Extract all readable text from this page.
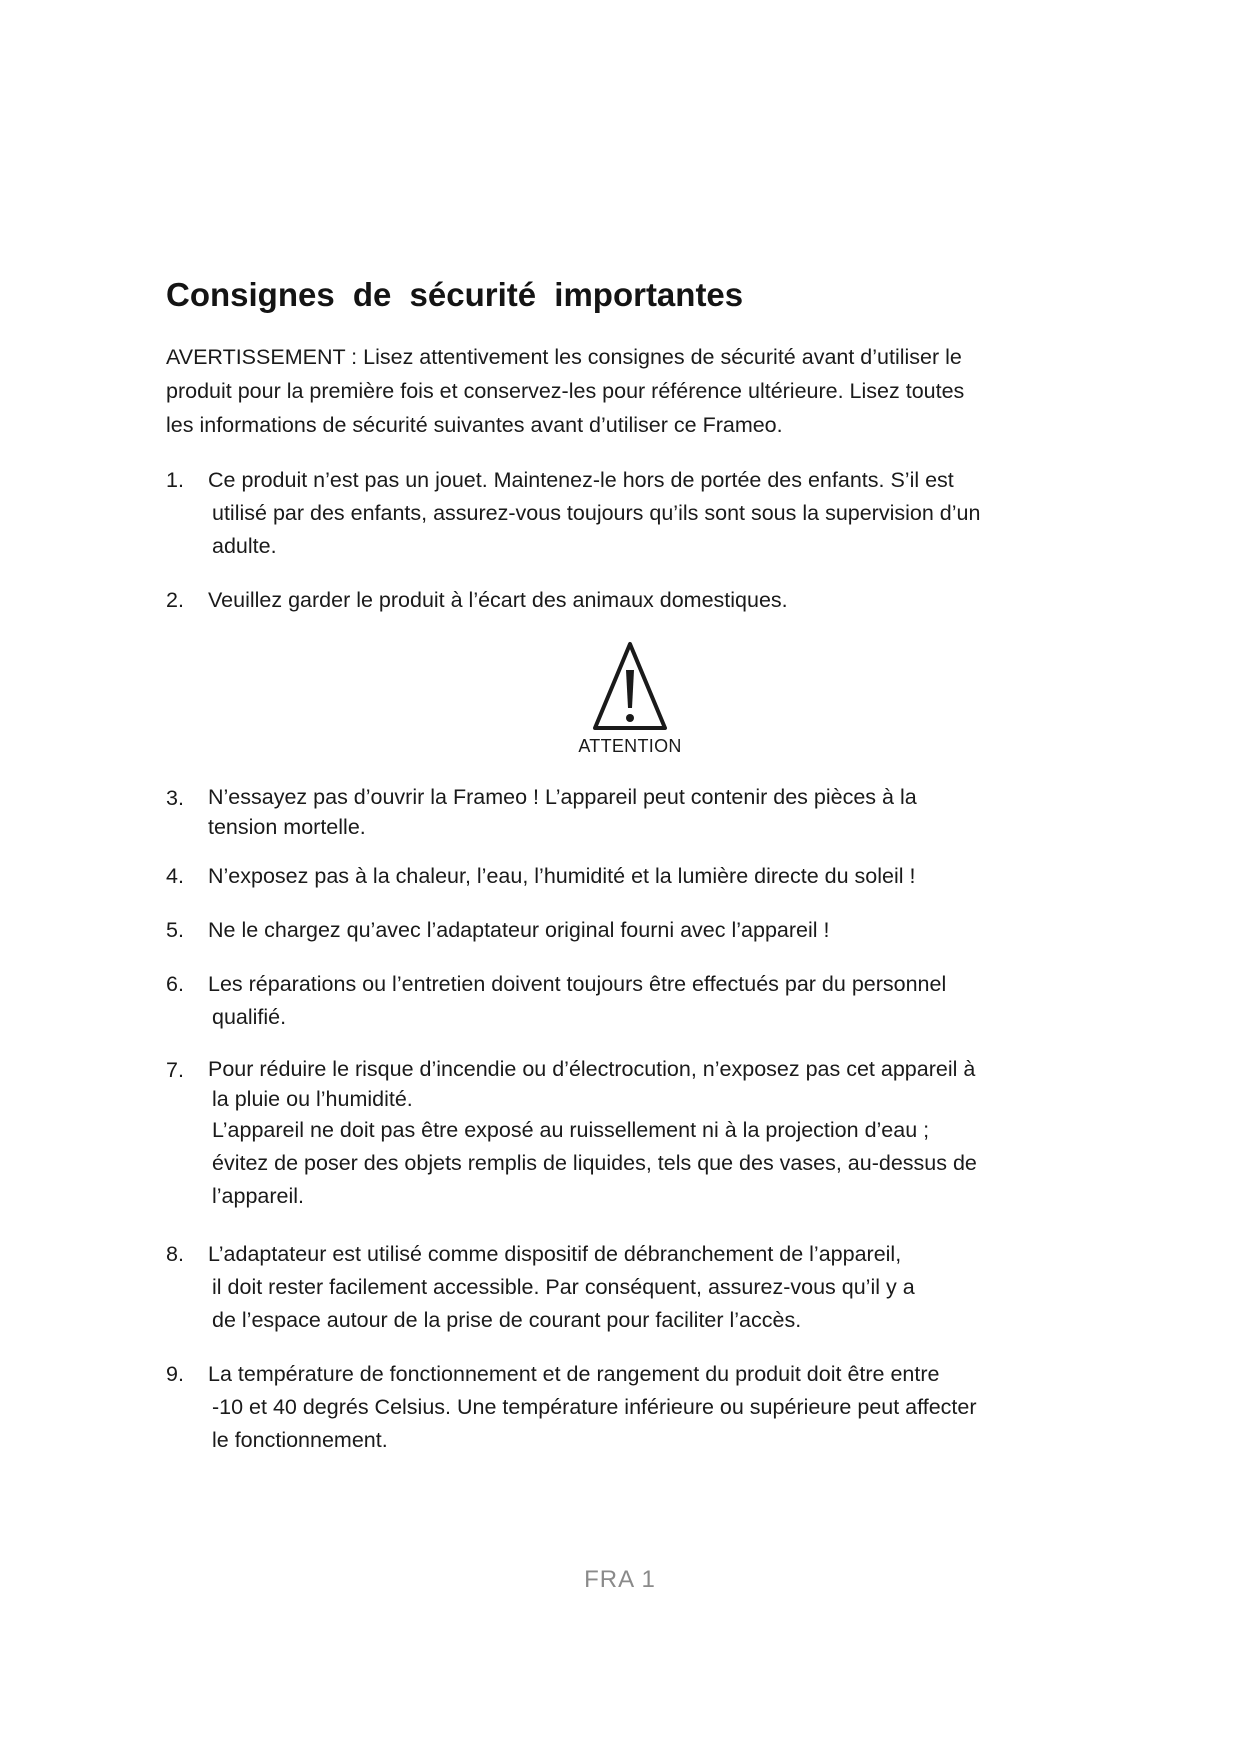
Consignes de sécurité importantes
AVERTISSEMENT : Lisez attentivement les consignes de sécurité avant d’utiliser le
produit pour la première fois et conservez-les pour référence ultérieure. Lisez toutes
les informations de sécurité suivantes avant d’utiliser ce Frameo.
1.	Ce produit n’est pas un jouet. Maintenez-le hors de portée des enfants. S’il est
utilisé par des enfants, assurez-vous toujours qu’ils sont sous la supervision d’un
adulte.
2.	Veuillez garder le produit à l’écart des animaux domestiques.
ATTENTION
3.	N’essayez pas d’ouvrir la Frameo ! L’appareil peut contenir des pièces à la
tension mortelle.
4.	N’exposez pas à la chaleur, l’eau, l’humidité et la lumière directe du soleil !
5.	Ne le chargez qu’avec l’adaptateur original fourni avec l’appareil !
6.	Les réparations ou l’entretien doivent toujours être effectués par du personnel
qualifié.
7.	Pour réduire le risque d’incendie ou d’électrocution, n’exposez pas cet appareil à
la pluie ou l’humidité.
L’appareil ne doit pas être exposé au ruissellement ni à la projection d’eau ;
évitez de poser des objets remplis de liquides, tels que des vases, au-dessus de
l’appareil.
8.	L’adaptateur est utilisé comme dispositif de débranchement de l’appareil,
il doit rester facilement accessible. Par conséquent, assurez-vous qu’il y a
de l’espace autour de la prise de courant pour faciliter l’accès.
9.	La température de fonctionnement et de rangement du produit doit être entre
-10 et 40 degrés Celsius. Une température inférieure ou supérieure peut affecter
le fonctionnement.
FRA 1
